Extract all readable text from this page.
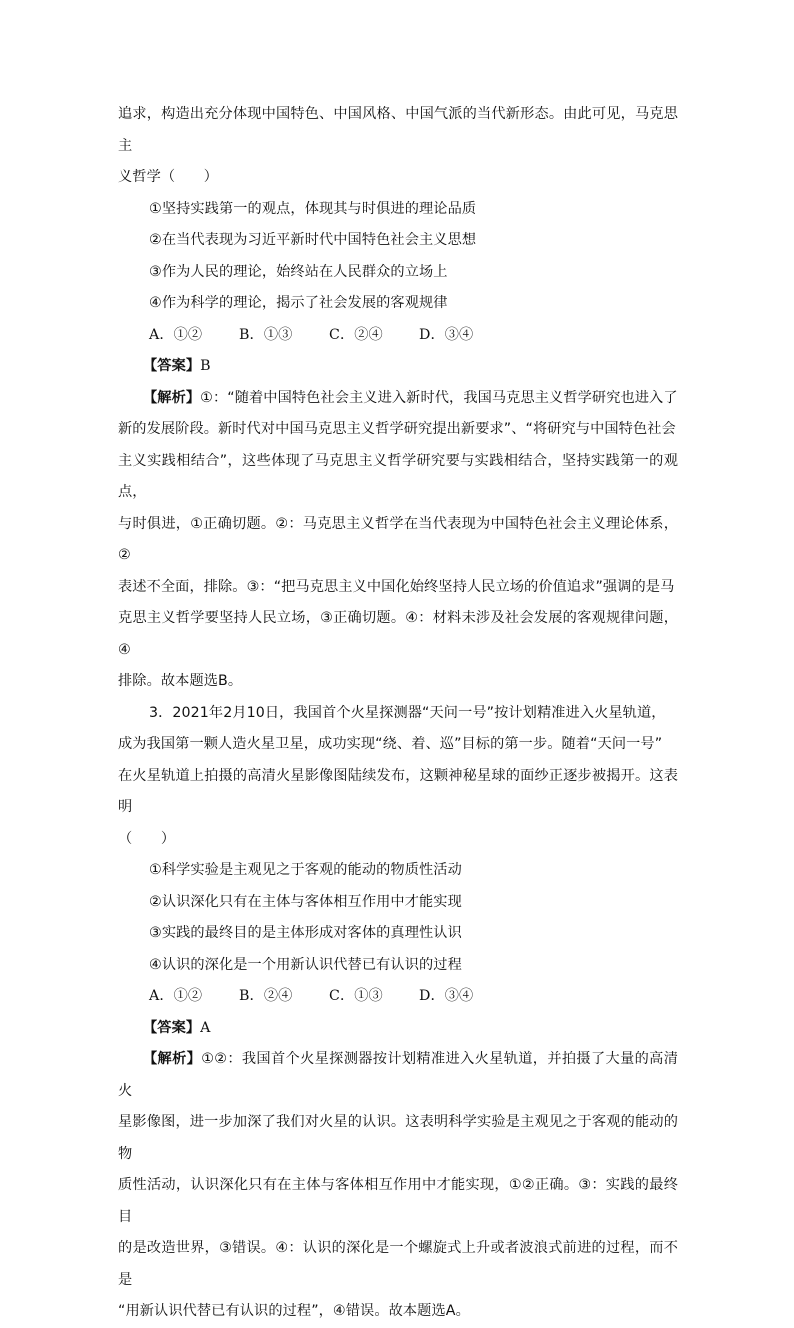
追求，构造出充分体现中国特色、中国风格、中国气派的当代新形态。由此可见，马克思主

义哲学（　　）

①坚持实践第一的观点，体现其与时俱进的理论品质

②在当代表现为习近平新时代中国特色社会主义思想

③作为人民的理论，始终站在人民群众的立场上

④作为科学的理论，揭示了社会发展的客观规律

A．①②	B．①③	C．②④	D．③④

【答案】B

【解析】①：“随着中国特色社会主义进入新时代，我国马克思主义哲学研究也进入了

新的发展阶段。新时代对中国马克思主义哲学研究提出新要求”、“将研究与中国特色社会

主义实践相结合”，这些体现了马克思主义哲学研究要与实践相结合，坚持实践第一的观点，

与时俱进，①正确切题。②：马克思主义哲学在当代表现为中国特色社会主义理论体系，②

表述不全面，排除。③：“把马克思主义中国化始终坚持人民立场的价值追求”强调的是马

克思主义哲学要坚持人民立场，③正确切题。④：材料未涉及社会发展的客观规律问题，④

排除。故本题选B。

3．2021年2月10日，我国首个火星探测器“天问一号”按计划精准进入火星轨道，

成为我国第一颗人造火星卫星，成功实现“绕、着、巡”目标的第一步。随着“天问一号”

在火星轨道上拍摄的高清火星影像图陆续发布，这颗神秘星球的面纱正逐步被揭开。这表明

（　　）

①科学实验是主观见之于客观的能动的物质性活动

②认识深化只有在主体与客体相互作用中才能实现

③实践的最终目的是主体形成对客体的真理性认识

④认识的深化是一个用新认识代替已有认识的过程

A．①②	B．②④	C．①③	D．③④

【答案】A

【解析】①②：我国首个火星探测器按计划精准进入火星轨道，并拍摄了大量的高清火

星影像图，进一步加深了我们对火星的认识。这表明科学实验是主观见之于客观的能动的物

质性活动，认识深化只有在主体与客体相互作用中才能实现，①②正确。③：实践的最终目

的是改造世界，③错误。④：认识的深化是一个螺旋式上升或者波浪式前进的过程，而不是

“用新认识代替已有认识的过程”，④错误。故本题选A。
